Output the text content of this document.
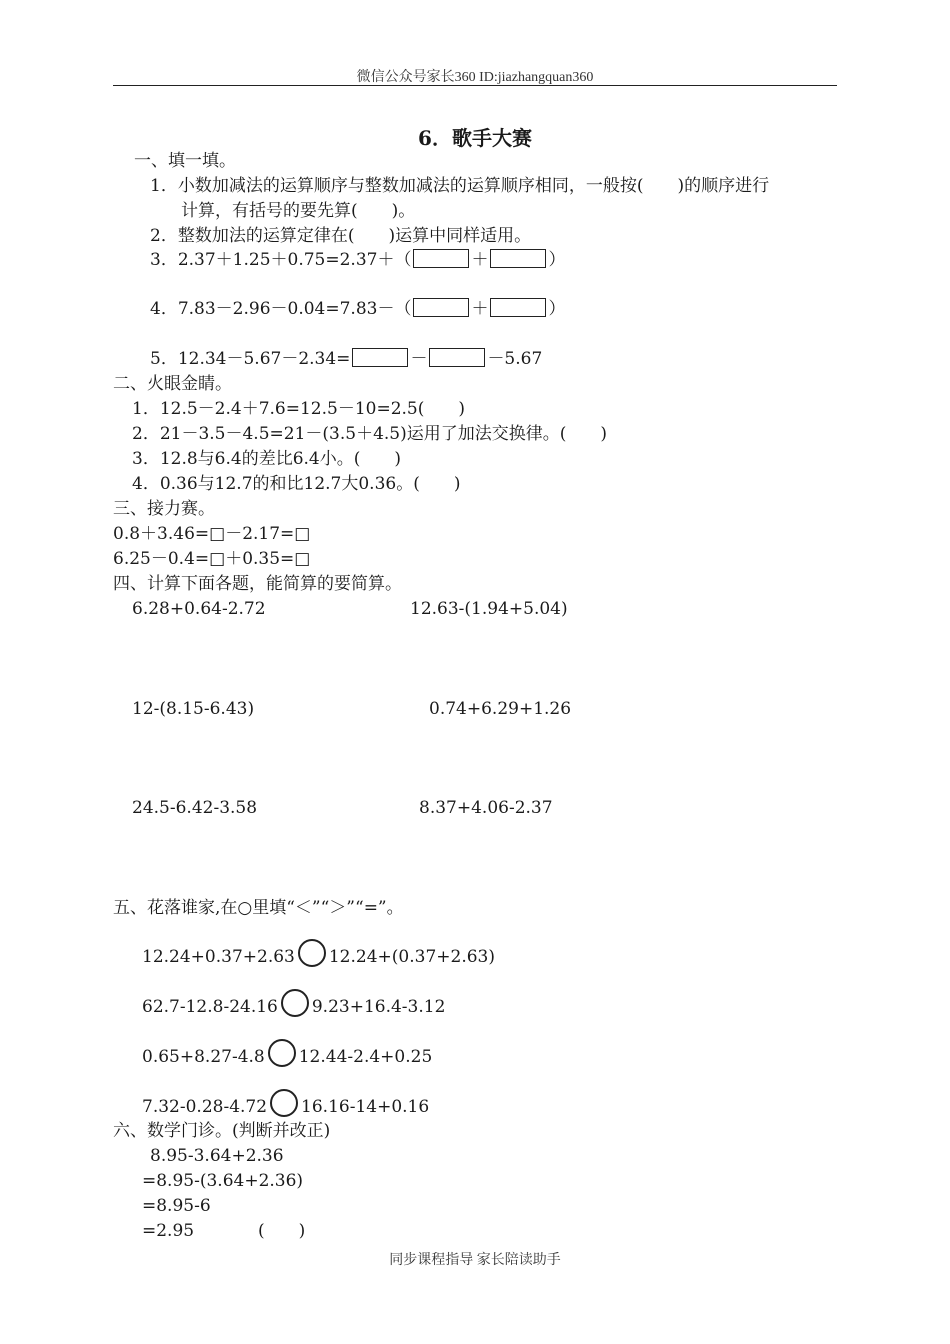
微信公众号家长360 ID:jiazhangquan360
6．歌手大赛
一、填一填。
1．小数加减法的运算顺序与整数加减法的运算顺序相同，一般按(　　)的顺序进行
计算，有括号的要先算(　　)。
2．整数加法的运算定律在(　　)运算中同样适用。
3．2.37＋1.25＋0.75=2.37＋（	＋	）
4．7.83－2.96－0.04=7.83－（	＋	）
5．12.34－5.67－2.34=	－	－5.67
二、火眼金睛。
1．12.5－2.4＋7.6=12.5－10=2.5(　　)
2．21－3.5－4.5=21－(3.5＋4.5)运用了加法交换律。(　　)
3．12.8与6.4的差比6.4小。(　　)
4．0.36与12.7的和比12.7大0.36。(　　)
三、接力赛。
0.8＋3.46=□－2.17=□
6.25－0.4=□＋0.35=□
四、计算下面各题，能简算的要简算。
6.28+0.64-2.72	12.63-(1.94+5.04)
12-(8.15-6.43)	0.74+6.29+1.26
24.5-6.42-3.58	8.37+4.06-2.37
五、花落谁家,在○里填“＜”“＞”“=”。
12.24+0.37+2.63 12.24+(0.37+2.63)
62.7-12.8-24.16 9.23+16.4-3.12
0.65+8.27-4.8 12.44-2.4+0.25
7.32-0.28-4.72 16.16-14+0.16
六、数学门诊。(判断并改正)
8.95-3.64+2.36
=8.95-(3.64+2.36)
=8.95-6
=2.95	(　　)
同步课程指导 家长陪读助手
